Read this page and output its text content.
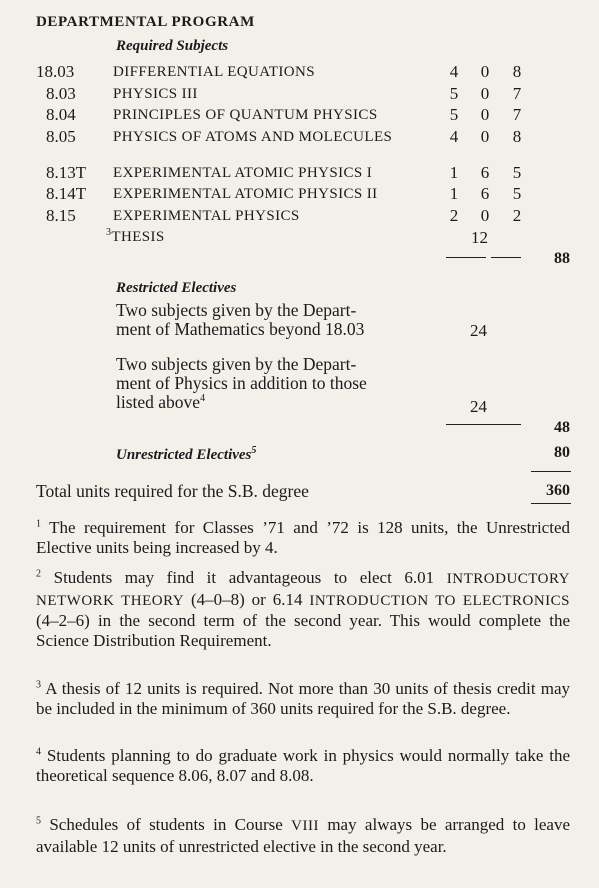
DEPARTMENTAL PROGRAM
Required Subjects
18.03	DIFFERENTIAL EQUATIONS	4	0	8
8.03 PHYSICS III	5	0	7
8.04 PRINCIPLES OF QUANTUM PHYSICS	5	0	7
8.05 PHYSICS OF ATOMS AND MOLECULES	4	0	8
8.13T EXPERIMENTAL ATOMIC PHYSICS I	1	6	5
8.14T EXPERIMENTAL ATOMIC PHYSICS II	1	6	5
8.15 EXPERIMENTAL PHYSICS	2	0	2
$^3$THESIS	12
88
Restricted Electives
Two subjects given by the Depart-
ment of Mathematics beyond 18.03	24
Two subjects given by the Depart-
ment of Physics in addition to those
listed above$^4$	24
48
Unrestricted Electives$^5$	80
Total units required for the S.B. degree	360
$^1$ The requirement for Classes ’71 and ’72 is 128 units, the Unrestricted Elective units being increased by 4.
$^2$ Students may find it advantageous to elect 6.01 INTRODUCTORY NETWORK THEORY (4–0–8) or 6.14 INTRODUCTION TO ELECTRONICS (4–2–6) in the second term of the second year. This would complete the Science Distribution Requirement.
$^3$ A thesis of 12 units is required. Not more than 30 units of thesis credit may be included in the minimum of 360 units required for the S.B. degree.
$^4$ Students planning to do graduate work in physics would normally take the theoretical sequence 8.06, 8.07 and 8.08.
$^5$ Schedules of students in Course VIII may always be arranged to leave available 12 units of unrestricted elective in the second year.
